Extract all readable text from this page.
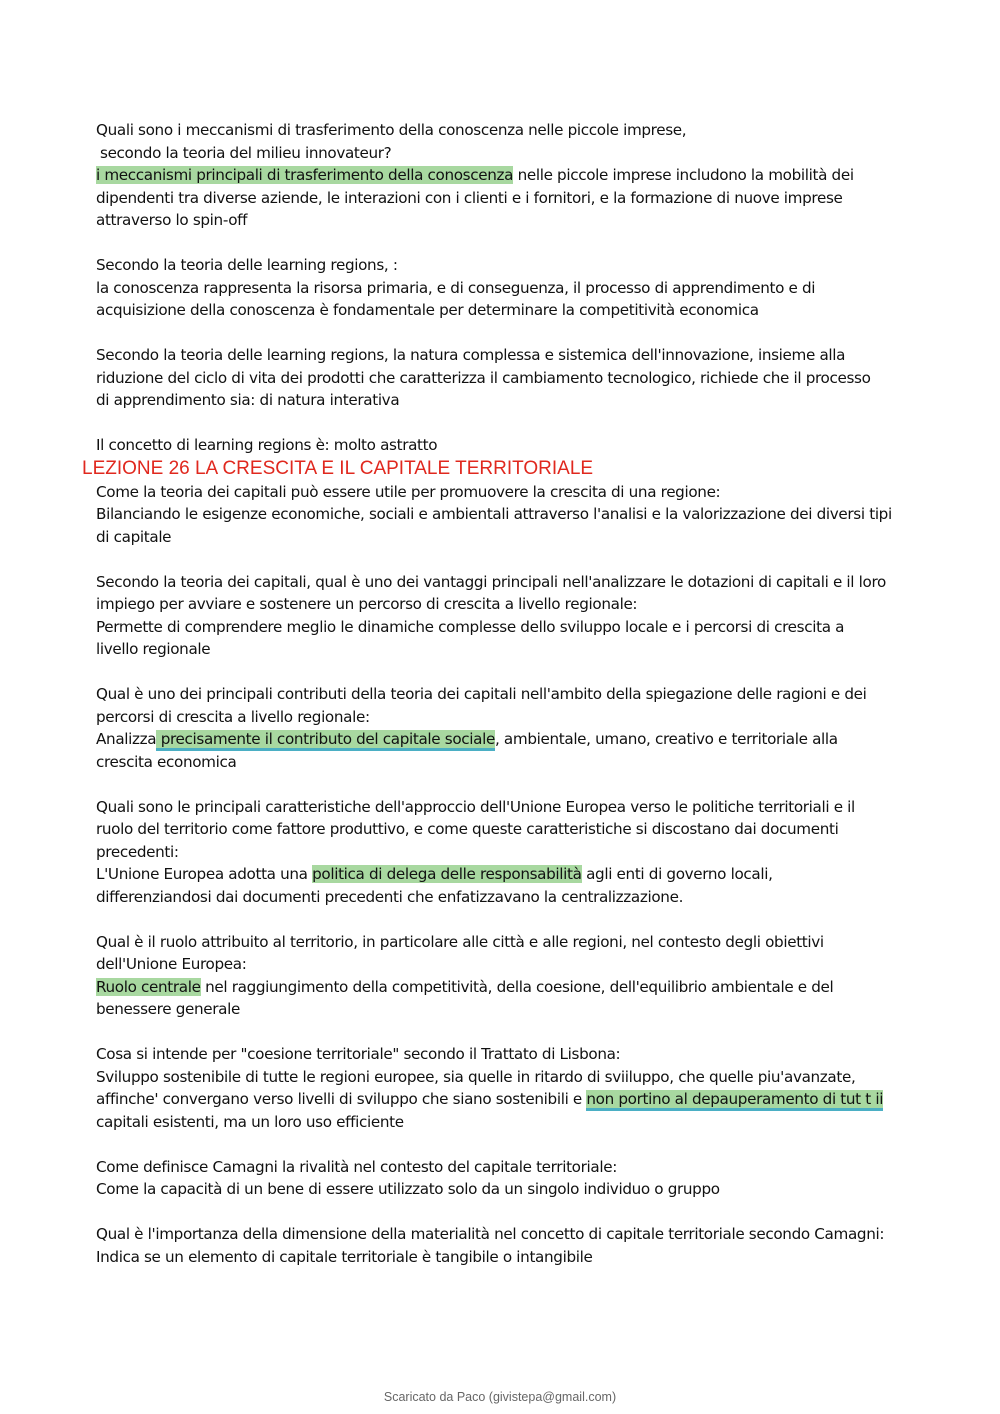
Quali sono i meccanismi di trasferimento della conoscenza nelle piccole imprese,

secondo la teoria del milieu innovateur?

i meccanismi principali di trasferimento della conoscenza nelle piccole imprese includono la mobilità dei

dipendenti tra diverse aziende, le interazioni con i clienti e i fornitori, e la formazione di nuove imprese

attraverso lo spin-off

Secondo la teoria delle learning regions, :

la conoscenza rappresenta la risorsa primaria, e di conseguenza, il processo di apprendimento e di

acquisizione della conoscenza è fondamentale per determinare la competitività economica

Secondo la teoria delle learning regions, la natura complessa e sistemica dell'innovazione, insieme alla

riduzione del ciclo di vita dei prodotti che caratterizza il cambiamento tecnologico, richiede che il processo

di apprendimento sia: di natura interativa

Il concetto di learning regions è: molto astratto

LEZIONE 26 LA CRESCITA E IL CAPITALE TERRITORIALE

Come la teoria dei capitali può essere utile per promuovere la crescita di una regione:

Bilanciando le esigenze economiche, sociali e ambientali attraverso l'analisi e la valorizzazione dei diversi tipi

di capitale

Secondo la teoria dei capitali, qual è uno dei vantaggi principali nell'analizzare le dotazioni di capitali e il loro

impiego per avviare e sostenere un percorso di crescita a livello regionale:

Permette di comprendere meglio le dinamiche complesse dello sviluppo locale e i percorsi di crescita a

livello regionale

Qual è uno dei principali contributi della teoria dei capitali nell'ambito della spiegazione delle ragioni e dei

percorsi di crescita a livello regionale:

Analizza precisamente il contributo del capitale sociale, ambientale, umano, creativo e territoriale alla

crescita economica

Quali sono le principali caratteristiche dell'approccio dell'Unione Europea verso le politiche territoriali e il

ruolo del territorio come fattore produttivo, e come queste caratteristiche si discostano dai documenti

precedenti:

L'Unione Europea adotta una politica di delega delle responsabilità agli enti di governo locali,

differenziandosi dai documenti precedenti che enfatizzavano la centralizzazione.

Qual è il ruolo attribuito al territorio, in particolare alle città e alle regioni, nel contesto degli obiettivi

dell'Unione Europea:

Ruolo centrale nel raggiungimento della competitività, della coesione, dell'equilibrio ambientale e del

benessere generale

Cosa si intende per "coesione territoriale" secondo il Trattato di Lisbona:

Sviluppo sostenibile di tutte le regioni europee, sia quelle in ritardo di sviiluppo, che quelle piu'avanzate,

affinche' convergano verso livelli di sviluppo che siano sostenibili e non portino al depauperamento di tut t ii

capitali esistenti, ma un loro uso efficiente

Come definisce Camagni la rivalità nel contesto del capitale territoriale:

Come la capacità di un bene di essere utilizzato solo da un singolo individuo o gruppo

Qual è l'importanza della dimensione della materialità nel concetto di capitale territoriale secondo Camagni:

Indica se un elemento di capitale territoriale è tangibile o intangibile

Scaricato da Paco (givistepa@gmail.com)
